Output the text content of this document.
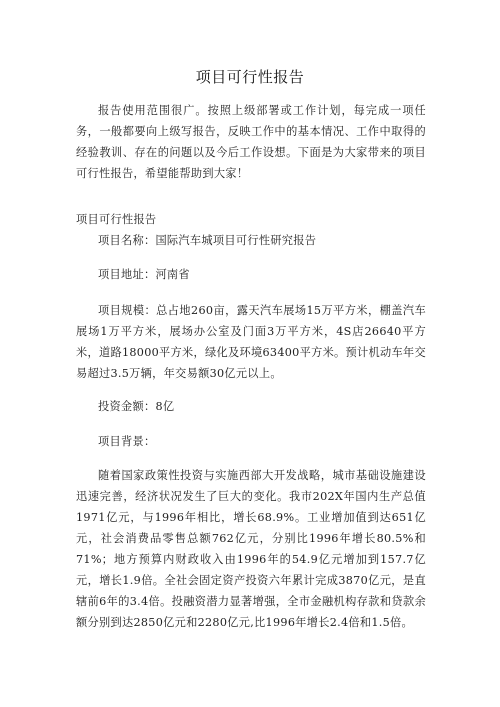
项目可行性报告

报告使用范围很广。按照上级部署或工作计划，每完成一项任务，一般都要向上级写报告，反映工作中的基本情况、工作中取得的经验教训、存在的问题以及今后工作设想。下面是为大家带来的项目可行性报告，希望能帮助到大家！

项目可行性报告

项目名称：国际汽车城项目可行性研究报告

项目地址：河南省

项目规模：总占地260亩，露天汽车展场15万平方米，棚盖汽车展场1万平方米，展场办公室及门面3万平方米，4S店26640平方米，道路18000平方米，绿化及环境63400平方米。预计机动车年交易超过3.5万辆，年交易额30亿元以上。

投资金额：8亿

项目背景：

随着国家政策性投资与实施西部大开发战略，城市基础设施建设迅速完善，经济状况发生了巨大的变化。我市202X年国内生产总值1971亿元，与1996年相比，增长68.9%。工业增加值到达651亿元，社会消费品零售总额762亿元，分别比1996年增长80.5%和71%；地方预算内财政收入由1996年的54.9亿元增加到157.7亿元，增长1.9倍。全社会固定资产投资六年累计完成3870亿元，是直辖前6年的3.4倍。投融资潜力显著增强，全市金融机构存款和贷款余额分别到达2850亿元和2280亿元,比1996年增长2.4倍和1.5倍。
